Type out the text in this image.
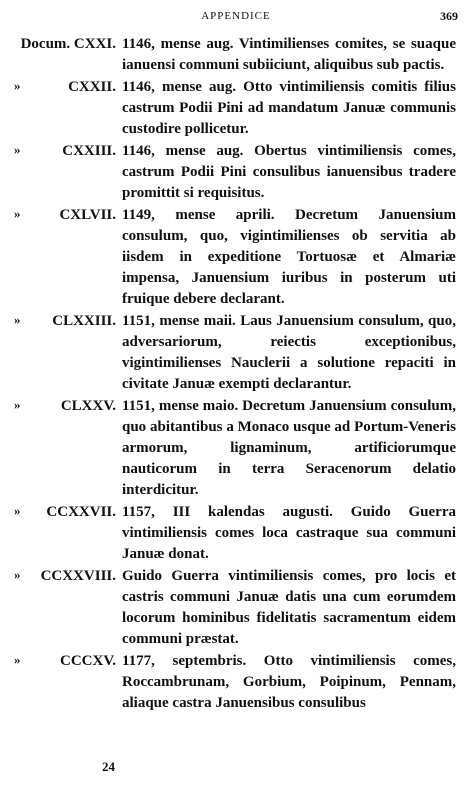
APPENDICE	369
Docum. CXXI. 1146, mense aug. Vintimilienses comites, se suaque ianuensi communi subiiciunt, aliquibus sub pactis.
»	CXXII. 1146, mense aug. Otto vintimiliensis comitis filius castrum Podii Pini ad mandatum Januæ communis custodire pollicetur.
»	CXXIII. 1146, mense aug. Obertus vintimiliensis comes, castrum Podii Pini consulibus ianuensibus tradere promittit si requisitus.
»	CXLVII. 1149, mense aprili. Decretum Januensium consulum, quo, vigintimilienses ob servitia ab iisdem in expeditione Tortuosæ et Almariæ impensa, Januensium iuribus in posterum uti fruique debere declarant.
»	CLXXIII. 1151, mense maii. Laus Januensium consulum, quo, adversariorum, reiectis exceptionibus, vigintimilienses Nauclerii a solutione repaciti in civitate Januæ exempti declarantur.
»	CLXXV. 1151, mense maio. Decretum Januensium consulum, quo abitantibus a Monaco usque ad Portum-Veneris armorum, lignaminum, artificiorumque nauticorum in terra Seracenorum delatio interdicitur.
»	CCXXVII. 1157, III kalendas augusti. Guido Guerra vintimiliensis comes loca castraque sua communi Januæ donat.
»	CCXXVIII. Guido Guerra vintimiliensis comes, pro locis et castris communi Januæ datis una cum eorumdem locorum hominibus fidelitatis sacramentum eidem communi præstat.
»	CCCXV. 1177, septembris. Otto vintimiliensis comes, Roccambrunam, Gorbium, Poipinum, Pennam, aliaque castra Januensibus consulibus
24
